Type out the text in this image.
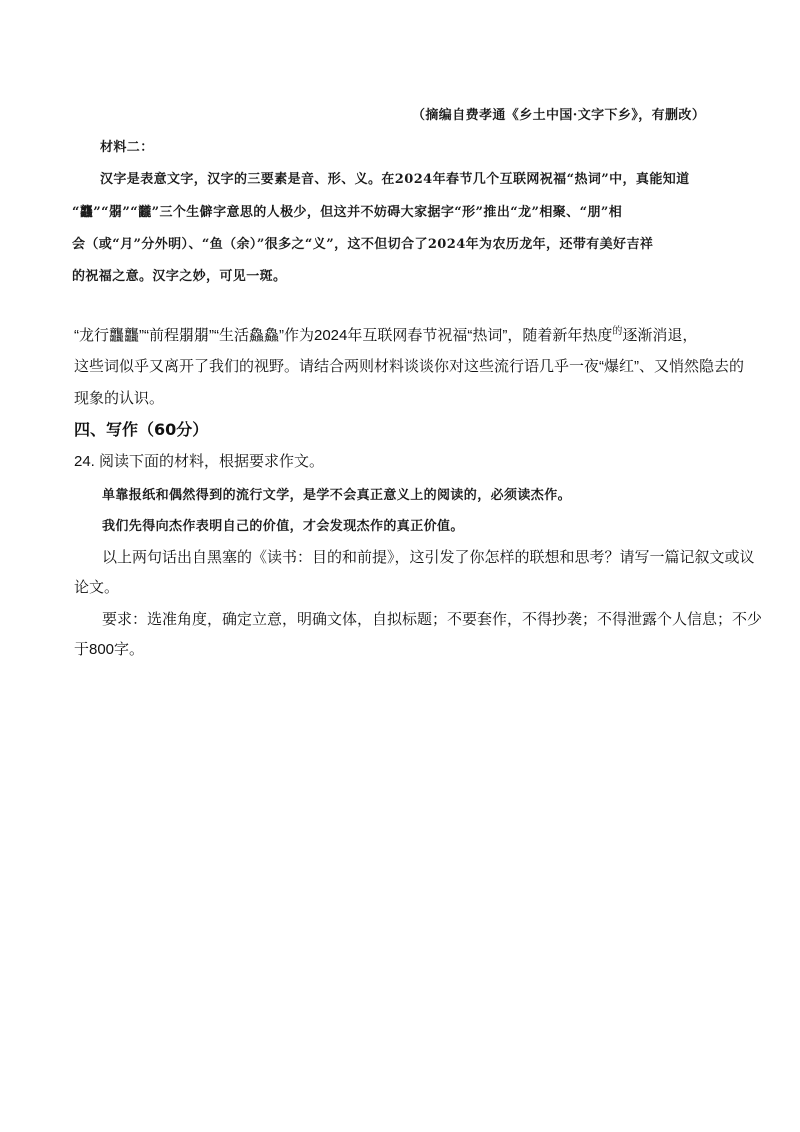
（摘编自费孝通《乡土中国·文字下乡》，有删改）
材料二：
汉字是表意文字，汉字的三要素是音、形、义。在2024年春节几个互联网祝福“热词”中，真能知道
“龘”“朤”“龖”三个生僻字意思的人极少，但这并不妨碍大家据字“形”推出“龙”相聚、“朋”相
会（或“月”分外明）、“鱼（余）”很多之“义”，这不但切合了2024年为农历龙年，还带有美好吉祥
的祝福之意。汉字之妙，可见一斑。
“龙行龘龘”“前程朤朤”“生活鱻鱻”作为2024年互联网春节祝福“热词”，随着新年热度$^的$逐渐消退，
这些词似乎又离开了我们的视野。请结合两则材料谈谈你对这些流行语几乎一夜“爆红”、又悄然隐去的
现象的认识。
四、写作（60分）
24. 阅读下面的材料，根据要求作文。
单靠报纸和偶然得到的流行文学，是学不会真正意义上的阅读的，必须读杰作。
我们先得向杰作表明自己的价值，才会发现杰作的真正价值。
以上两句话出自黑塞的《读书：目的和前提》，这引发了你怎样的联想和思考？请写一篇记叙文或议
论文。
要求：选准角度，确定立意，明确文体，自拟标题；不要套作，不得抄袭；不得泄露个人信息；不少
于800字。
